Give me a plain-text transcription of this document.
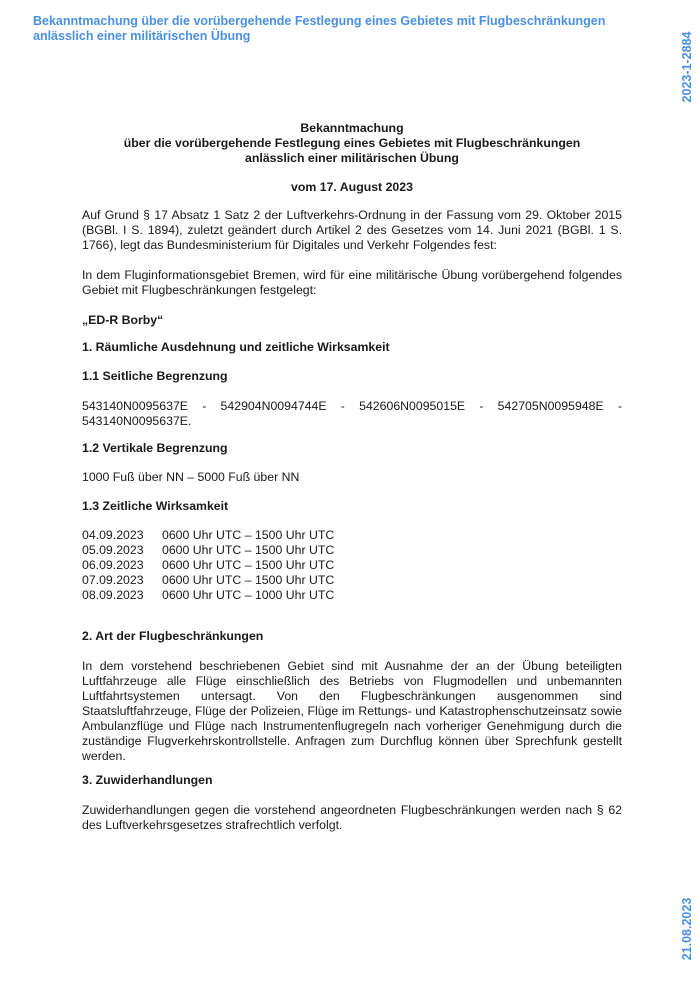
Bekanntmachung über die vorübergehende Festlegung eines Gebietes mit Flugbeschränkungen anlässlich einer militärischen Übung	2023-1-2884
21.08.2023
Bekanntmachung
über die vorübergehende Festlegung eines Gebietes mit Flugbeschränkungen
anlässlich einer militärischen Übung
vom 17. August 2023
Auf Grund § 17 Absatz 1 Satz 2 der Luftverkehrs-Ordnung in der Fassung vom 29. Oktober 2015 (BGBl. I S. 1894), zuletzt geändert durch Artikel 2 des Gesetzes vom 14. Juni 2021 (BGBl. 1 S. 1766), legt das Bundesministerium für Digitales und Verkehr Folgendes fest:
In dem Fluginformationsgebiet Bremen, wird für eine militärische Übung vorübergehend folgendes Gebiet mit Flugbeschränkungen festgelegt:
„ED-R Borby“
1. Räumliche Ausdehnung und zeitliche Wirksamkeit
1.1 Seitliche Begrenzung
543140N0095637E - 542904N0094744E - 542606N0095015E - 542705N0095948E - 543140N0095637E.
1.2 Vertikale Begrenzung
1000 Fuß über NN – 5000 Fuß über NN
1.3 Zeitliche Wirksamkeit
04.09.2023	0600 Uhr UTC – 1500 Uhr UTC
05.09.2023	0600 Uhr UTC – 1500 Uhr UTC
06.09.2023	0600 Uhr UTC – 1500 Uhr UTC
07.09.2023	0600 Uhr UTC – 1500 Uhr UTC
08.09.2023	0600 Uhr UTC – 1000 Uhr UTC
2. Art der Flugbeschränkungen
In dem vorstehend beschriebenen Gebiet sind mit Ausnahme der an der Übung beteiligten Luftfahrzeuge alle Flüge einschließlich des Betriebs von Flugmodellen und unbemannten Luftfahrtsystemen untersagt. Von den Flugbeschränkungen ausgenommen sind Staatsluftfahrzeuge, Flüge der Polizeien, Flüge im Rettungs- und Katastrophenschutzeinsatz sowie Ambulanzflüge und Flüge nach Instrumentenflugregeln nach vorheriger Genehmigung durch die zuständige Flugverkehrskontrollstelle. Anfragen zum Durchflug können über Sprechfunk gestellt werden.
3. Zuwiderhandlungen
Zuwiderhandlungen gegen die vorstehend angeordneten Flugbeschränkungen werden nach § 62 des Luftverkehrsgesetzes strafrechtlich verfolgt.
